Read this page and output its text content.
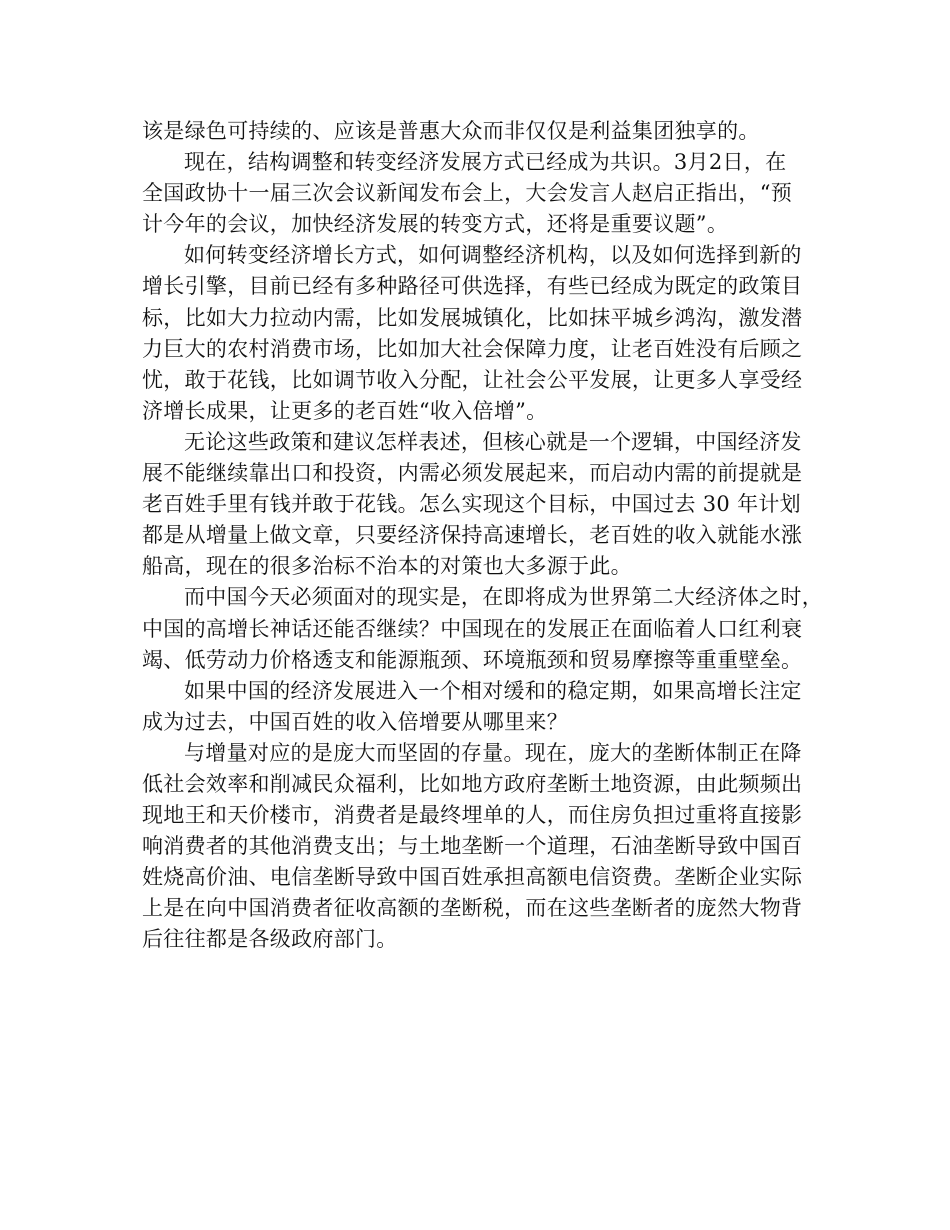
该是绿色可持续的、应该是普惠大众而非仅仅是利益集团独享的。
现在，结构调整和转变经济发展方式已经成为共识。3月2日，在
全国政协十一届三次会议新闻发布会上，大会发言人赵启正指出，“预
计今年的会议，加快经济发展的转变方式，还将是重要议题”。
如何转变经济增长方式，如何调整经济机构，以及如何选择到新的
增长引擎，目前已经有多种路径可供选择，有些已经成为既定的政策目
标，比如大力拉动内需，比如发展城镇化，比如抹平城乡鸿沟，激发潜
力巨大的农村消费市场，比如加大社会保障力度，让老百姓没有后顾之
忧，敢于花钱，比如调节收入分配，让社会公平发展，让更多人享受经
济增长成果，让更多的老百姓“收入倍增”。
无论这些政策和建议怎样表述，但核心就是一个逻辑，中国经济发
展不能继续靠出口和投资，内需必须发展起来，而启动内需的前提就是
老百姓手里有钱并敢于花钱。怎么实现这个目标，中国过去 30 年计划
都是从增量上做文章，只要经济保持高速增长，老百姓的收入就能水涨
船高，现在的很多治标不治本的对策也大多源于此。
而中国今天必须面对的现实是，在即将成为世界第二大经济体之时，
中国的高增长神话还能否继续？中国现在的发展正在面临着人口红利衰
竭、低劳动力价格透支和能源瓶颈、环境瓶颈和贸易摩擦等重重壁垒。
如果中国的经济发展进入一个相对缓和的稳定期，如果高增长注定
成为过去，中国百姓的收入倍增要从哪里来？
与增量对应的是庞大而坚固的存量。现在，庞大的垄断体制正在降
低社会效率和削减民众福利，比如地方政府垄断土地资源，由此频频出
现地王和天价楼市，消费者是最终埋单的人，而住房负担过重将直接影
响消费者的其他消费支出；与土地垄断一个道理，石油垄断导致中国百
姓烧高价油、电信垄断导致中国百姓承担高额电信资费。垄断企业实际
上是在向中国消费者征收高额的垄断税，而在这些垄断者的庞然大物背
后往往都是各级政府部门。
